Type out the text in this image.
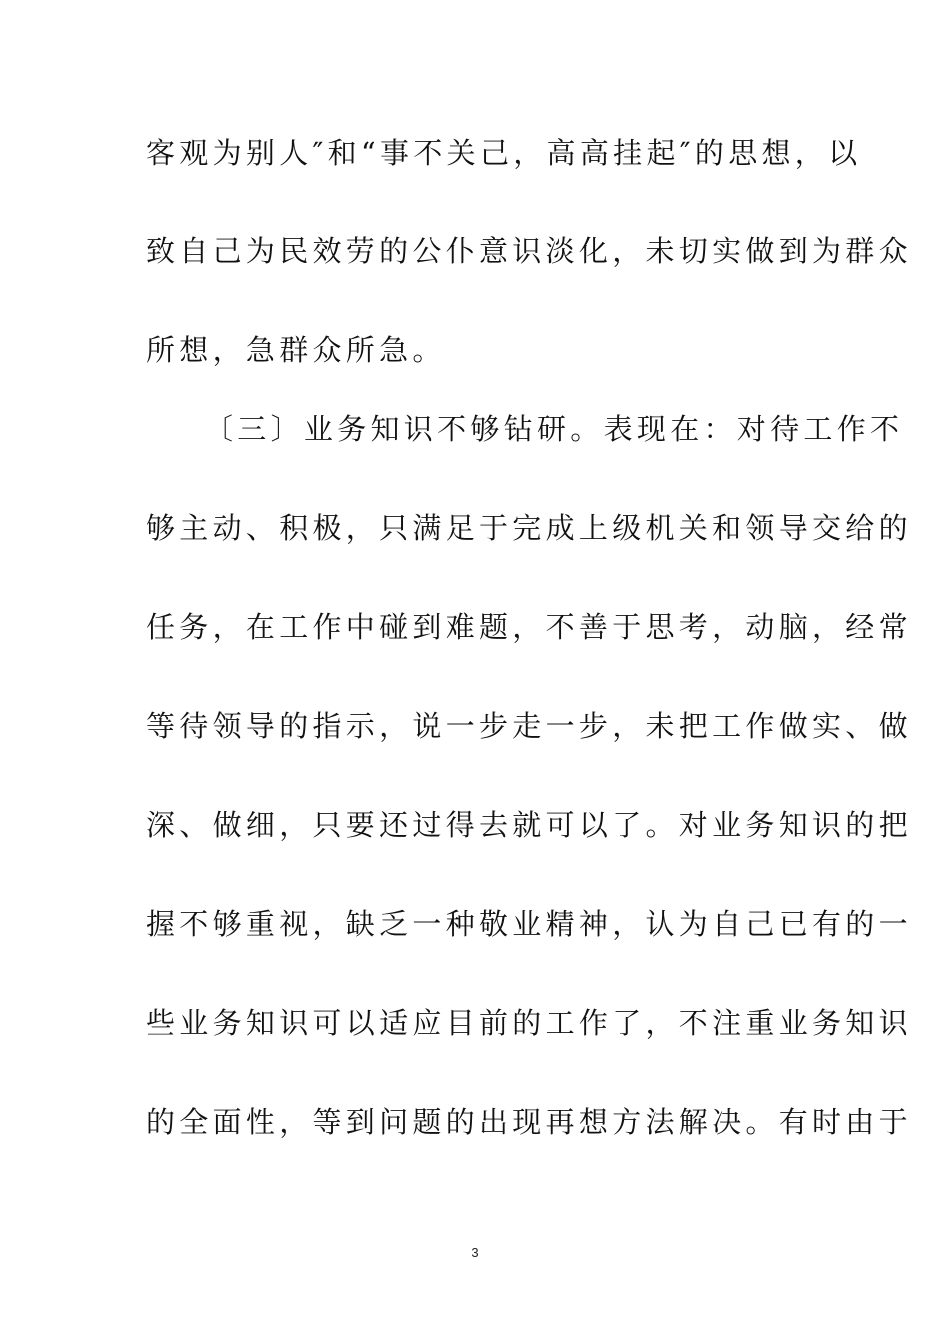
客观为别人″和“事不关己，高高挂起″的思想，以
致自己为民效劳的公仆意识淡化，未切实做到为群众
所想，急群众所急。
〔三〕业务知识不够钻研。表现在：对待工作不
够主动、积极，只满足于完成上级机关和领导交给的
任务，在工作中碰到难题，不善于思考，动脑，经常
等待领导的指示，说一步走一步，未把工作做实、做
深、做细，只要还过得去就可以了。对业务知识的把
握不够重视，缺乏一种敬业精神，认为自己已有的一
些业务知识可以适应目前的工作了，不注重业务知识
的全面性，等到问题的出现再想方法解决。有时由于
3
